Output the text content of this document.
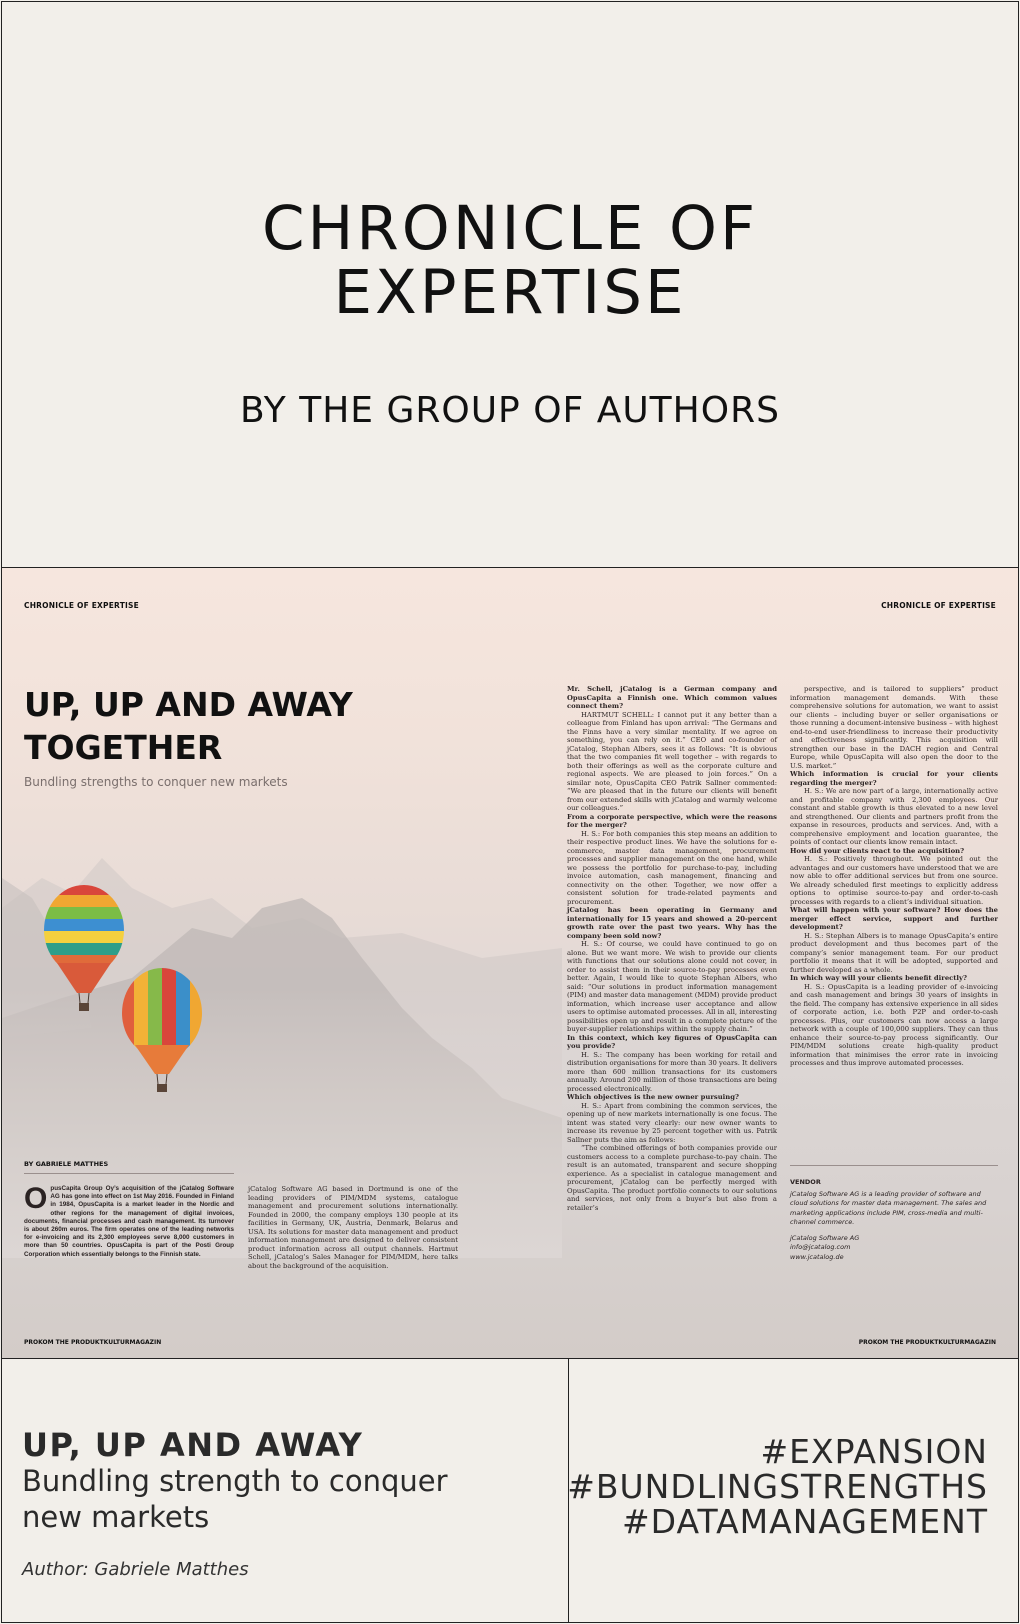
CHRONICLE OF
EXPERTISE
BY THE GROUP OF AUTHORS
CHRONICLE OF EXPERTISE	CHRONICLE OF EXPERTISE
UP, UP AND AWAY
TOGETHER
Bundling strengths to conquer new markets
BY GABRIELE MATTHES
OpusCapita Group Oy’s acquisition of the jCatalog Software AG has gone into effect on 1st May 2016. Founded in Finland in 1984, OpusCapita is a market leader in the Nordic and other regions for the management of digital invoices, documents, financial processes and cash management. Its turnover is about 260m euros. The firm operates one of the leading networks for e-invoicing and its 2,300 employees serve 8,000 customers in more than 50 countries. OpusCapita is part of the Posti Group Corporation which essentially belongs to the Finnish state.

jCatalog Software AG based in Dortmund is one of the leading providers of PIM/MDM systems, catalogue management and procurement solutions internationally. Founded in 2000, the company employs 130 people at its facilities in Germany, UK, Austria, Denmark, Belarus and USA. Its solutions for master data management and product information management are designed to deliver consistent product information across all output channels. Hartmut Schell, jCatalog’s Sales Manager for PIM/MDM, here talks about the background of the acquisition.

Mr. Schell, jCatalog is a German company and OpusCapita a Finnish one. Which common values connect them?

HARTMUT SCHELL: I cannot put it any better than a colleague from Finland has upon arrival: “The Germans and the Finns have a very similar mentality. If we agree on something, you can rely on it.” CEO and co-founder of jCatalog, Stephan Albers, sees it as follows: “It is obvious that the two companies fit well together – with regards to both their offerings as well as the corporate culture and regional aspects. We are pleased to join forces.” On a similar note, OpusCapita CEO Patrik Sallner commented: “We are pleased that in the future our clients will benefit from our extended skills with jCatalog and warmly welcome our colleagues.”

From a corporate perspective, which were the reasons for the merger?

H. S.: For both companies this step means an addition to their respective product lines. We have the solutions for e-commerce, master data management, procurement processes and supplier management on the one hand, while we possess the portfolio for purchase-to-pay, including invoice automation, cash management, financing and connectivity on the other. Together, we now offer a consistent solution for trade-related payments and procurement.

jCatalog has been operating in Germany and internationally for 15 years and showed a 20-percent growth rate over the past two years. Why has the company been sold now?

H. S.: Of course, we could have continued to go on alone. But we want more. We wish to provide our clients with functions that our solutions alone could not cover, in order to assist them in their source-to-pay processes even better. Again, I would like to quote Stephan Albers, who said: “Our solutions in product information management (PIM) and master data management (MDM) provide product information, which increase user acceptance and allow users to optimise automated processes. All in all, interesting possibilities open up and result in a complete picture of the buyer-supplier relationships within the supply chain.”

In this context, which key figures of OpusCapita can you provide?

H. S.: The company has been working for retail and distribution organisations for more than 30 years. It delivers more than 600 million transactions for its customers annually. Around 200 million of those transactions are being processed electronically.

Which objectives is the new owner pursuing?

H. S.: Apart from combining the common services, the opening up of new markets internationally is one focus. The intent was stated very clearly: our new owner wants to increase its revenue by 25 percent together with us. Patrik Sallner puts the aim as follows:

“The combined offerings of both companies provide our customers access to a complete purchase-to-pay chain. The result is an automated, transparent and secure shopping experience. As a specialist in catalogue management and procurement, jCatalog can be perfectly merged with OpusCapita. The product portfolio connects to our solutions and services, not only from a buyer’s but also from a retailer’s

perspective, and is tailored to suppliers” product information management demands. With these comprehensive solutions for automation, we want to assist our clients – including buyer or seller organisations or those running a document-intensive business – with highest end-to-end user-friendliness to increase their productivity and effectiveness significantly. This acquisition will strengthen our base in the DACH region and Central Europe, while OpusCapita will also open the door to the U.S. market.”

Which information is crucial for your clients regarding the merger?

H. S.: We are now part of a large, internationally active and profitable company with 2,300 employees. Our constant and stable growth is thus elevated to a new level and strengthened. Our clients and partners profit from the expanse in resources, products and services. And, with a comprehensive employment and location guarantee, the points of contact our clients know remain intact.

How did your clients react to the acquisition?

H. S.: Positively throughout. We pointed out the advantages and our customers have understood that we are now able to offer additional services but from one source. We already scheduled first meetings to explicitly address options to optimise source-to-pay and order-to-cash processes with regards to a client’s individual situation.

What will happen with your software? How does the merger effect service, support and further development?

H. S.: Stephan Albers is to manage OpusCapita’s entire product development and thus becomes part of the company’s senior management team. For our product portfolio it means that it will be adopted, supported and further developed as a whole.

In which way will your clients benefit directly?

H. S.: OpusCapita is a leading provider of e-invoicing and cash management and brings 30 years of insights in the field. The company has extensive experience in all sides of corporate action, i.e. both P2P and order-to-cash processes. Plus, our customers can now access a large network with a couple of 100,000 suppliers. They can thus enhance their source-to-pay process significantly. Our PIM/MDM solutions create high-quality product information that minimises the error rate in invoicing processes and thus improve automated processes.

VENDOR

jCatalog Software AG is a leading provider of software and cloud solutions for master data management. The sales and marketing applications include PIM, cross-media and multi-channel commerce.

jCatalog Software AG

info@jcatalog.com

www.jcatalog.de

PROKOM THE PRODUKTKULTURMAGAZIN	PROKOM THE PRODUKTKULTURMAGAZIN
UP, UP AND AWAY
Bundling strength to conquer
new markets
Author: Gabriele Matthes
#EXPANSION
#BUNDLINGSTRENGTHS
#DATAMANAGEMENT
